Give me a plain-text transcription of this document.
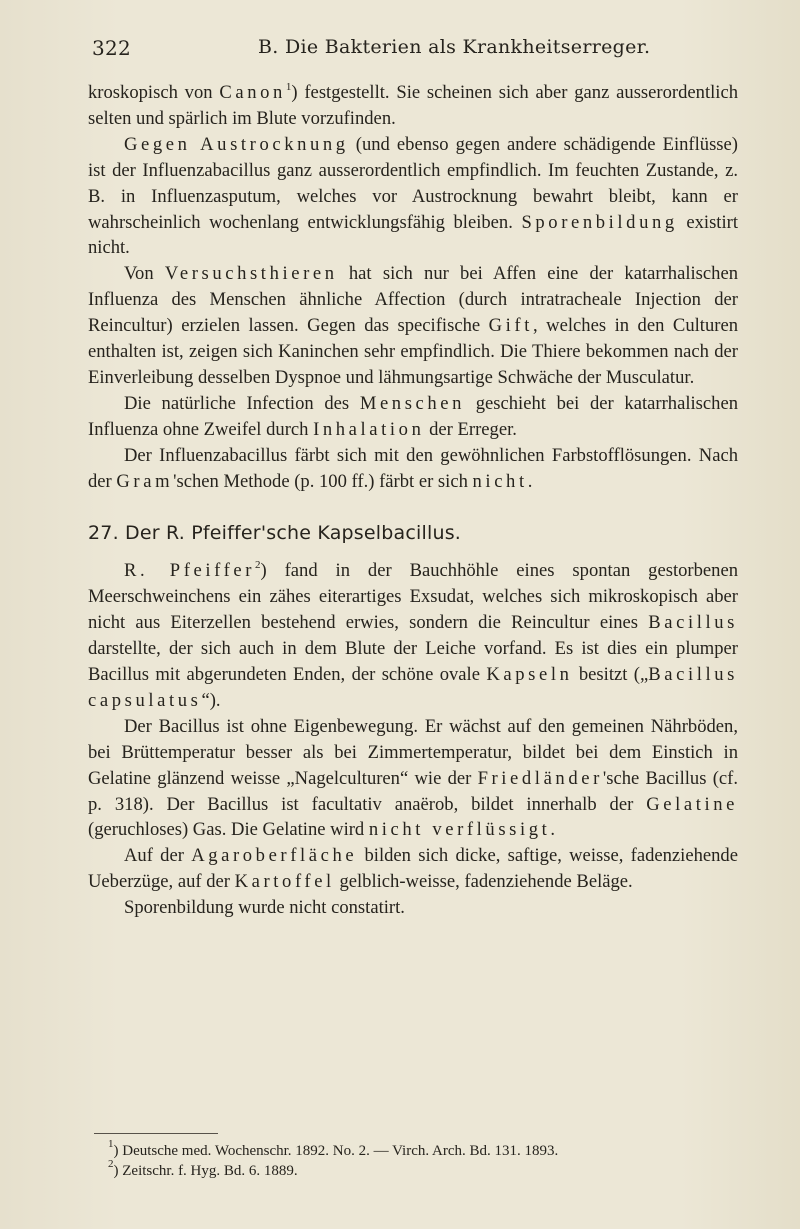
322	B. Die Bakterien als Krankheitserreger.

kroskopisch von Canon$^1$) festgestellt. Sie scheinen sich aber ganz ausserordentlich selten und spärlich im Blute vorzufinden.

Gegen Austrocknung (und ebenso gegen andere schädigende Einflüsse) ist der Influenzabacillus ganz ausserordentlich empfindlich. Im feuchten Zustande, z. B. in Influenzasputum, welches vor Austrocknung bewahrt bleibt, kann er wahrscheinlich wochenlang entwicklungsfähig bleiben. Sporenbildung existirt nicht.

Von Versuchsthieren hat sich nur bei Affen eine der katarrhalischen Influenza des Menschen ähnliche Affection (durch intratracheale Injection der Reincultur) erzielen lassen. Gegen das specifische Gift, welches in den Culturen enthalten ist, zeigen sich Kaninchen sehr empfindlich. Die Thiere bekommen nach der Einverleibung desselben Dyspnoe und lähmungsartige Schwäche der Musculatur.

Die natürliche Infection des Menschen geschieht bei der katarrhalischen Influenza ohne Zweifel durch Inhalation der Erreger.

Der Influenzabacillus färbt sich mit den gewöhnlichen Farbstofflösungen. Nach der Gram'schen Methode (p. 100 ff.) färbt er sich nicht.

27. Der R. Pfeiffer'sche Kapselbacillus.

R. Pfeiffer$^2$) fand in der Bauchhöhle eines spontan gestorbenen Meerschweinchens ein zähes eiterartiges Exsudat, welches sich mikroskopisch aber nicht aus Eiterzellen bestehend erwies, sondern die Reincultur eines Bacillus darstellte, der sich auch in dem Blute der Leiche vorfand. Es ist dies ein plumper Bacillus mit abgerundeten Enden, der schöne ovale Kapseln besitzt („Bacillus capsulatus“).

Der Bacillus ist ohne Eigenbewegung. Er wächst auf den gemeinen Nährböden, bei Brüttemperatur besser als bei Zimmertemperatur, bildet bei dem Einstich in Gelatine glänzend weisse „Nagelculturen“ wie der Friedländer'sche Bacillus (cf. p. 318). Der Bacillus ist facultativ anaërob, bildet innerhalb der Gelatine (geruchloses) Gas. Die Gelatine wird nicht verflüssigt.

Auf der Agaroberfläche bilden sich dicke, saftige, weisse, fadenziehende Ueberzüge, auf der Kartoffel gelblich-weisse, fadenziehende Beläge.

Sporenbildung wurde nicht constatirt.

$^1$) Deutsche med. Wochenschr. 1892. No. 2. — Virch. Arch. Bd. 131. 1893.
$^2$) Zeitschr. f. Hyg. Bd. 6. 1889.
